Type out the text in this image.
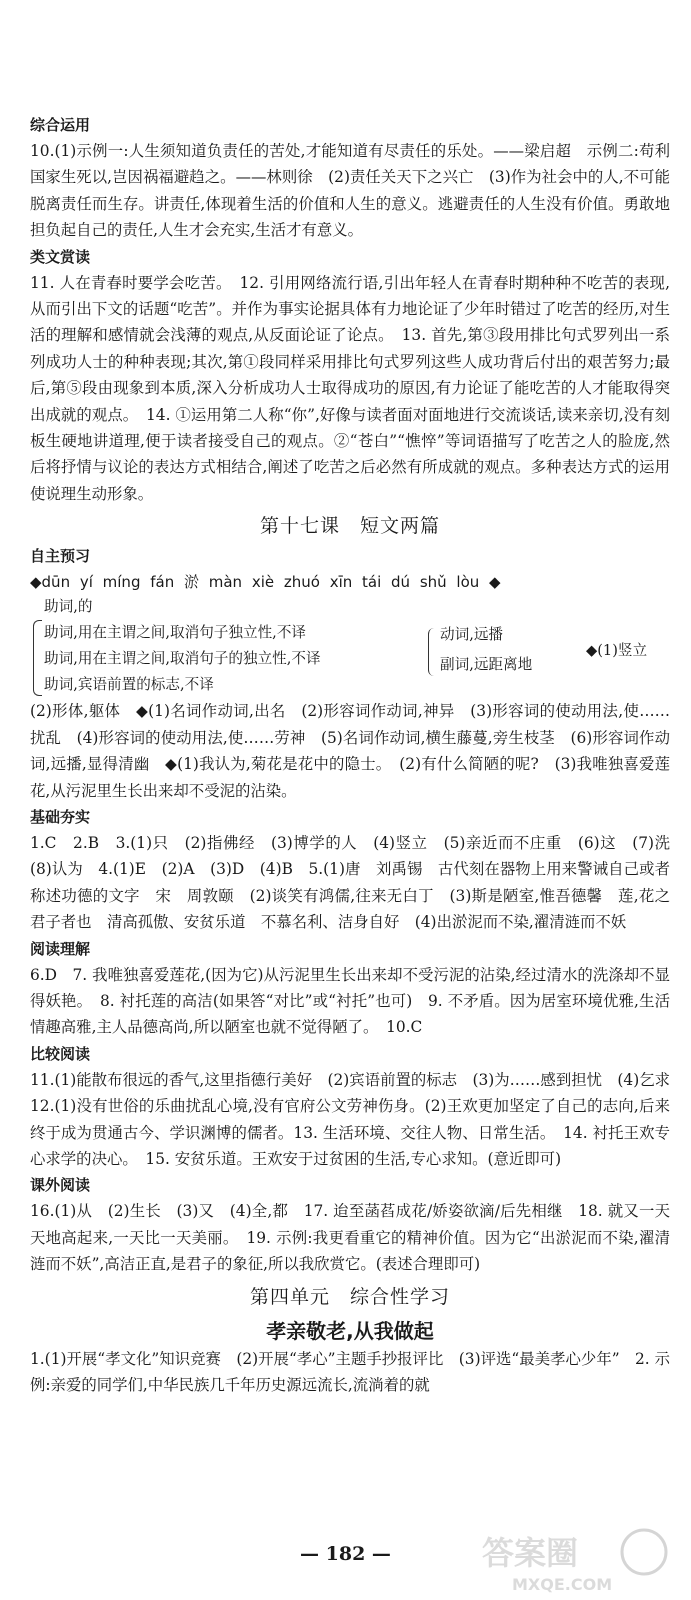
综合运用

10.(1)示例一:人生须知道负责任的苦处,才能知道有尽责任的乐处。——梁启超　示例二:苟利国家生死以,岂因祸福避趋之。——林则徐　(2)责任关天下之兴亡　(3)作为社会中的人,不可能脱离责任而生存。讲责任,体现着生活的价值和人生的意义。逃避责任的人生没有价值。勇敢地担负起自己的责任,人生才会充实,生活才有意义。

类文赏读

11. 人在青春时要学会吃苦。　12. 引用网络流行语,引出年轻人在青春时期种种不吃苦的表现,从而引出下文的话题“吃苦”。并作为事实论据具体有力地论证了少年时错过了吃苦的经历,对生活的理解和感情就会浅薄的观点,从反面论证了论点。　13. 首先,第③段用排比句式罗列出一系列成功人士的种种表现;其次,第①段同样采用排比句式罗列这些人成功背后付出的艰苦努力;最后,第⑤段由现象到本质,深入分析成功人士取得成功的原因,有力论证了能吃苦的人才能取得突出成就的观点。　14. ①运用第二人称“你”,好像与读者面对面地进行交流谈话,读来亲切,没有刻板生硬地讲道理,便于读者接受自己的观点。②“苍白”“憔悴”等词语描写了吃苦之人的脸庞,然后将抒情与议论的表达方式相结合,阐述了吃苦之后必然有所成就的观点。多种表达方式的运用使说理生动形象。

第十七课　短文两篇
自主预习
◆dūn yí míng fán 淤 màn xiè zhuó xīn tái dú shǔ lòu ◆
助词,的
助词,用在主谓之间,取消句子独立性,不译
助词,用在主谓之间,取消句子的独立性,不译
助词,宾语前置的标志,不译
动词,远播
副词,远距离地
◆(1)竖立

(2)形体,躯体　◆(1)名词作动词,出名　(2)形容词作动词,神异　(3)形容词的使动用法,使……扰乱　(4)形容词的使动用法,使……劳神　(5)名词作动词,横生藤蔓,旁生枝茎　(6)形容词作动词,远播,显得清幽　◆(1)我认为,菊花是花中的隐士。　(2)有什么简陋的呢?　(3)我唯独喜爱莲花,从污泥里生长出来却不受泥的沾染。

基础夯实

1.C　2.B　3.(1)只　(2)指佛经　(3)博学的人　(4)竖立　(5)亲近而不庄重　(6)这　(7)洗　(8)认为　4.(1)E　(2)A　(3)D　(4)B　5.(1)唐　刘禹锡　古代刻在器物上用来警诫自己或者称述功德的文字　宋　周敦颐　(2)谈笑有鸿儒,往来无白丁　(3)斯是陋室,惟吾德馨　莲,花之君子者也　清高孤傲、安贫乐道　不慕名利、洁身自好　(4)出淤泥而不染,濯清涟而不妖

阅读理解

6.D　7. 我唯独喜爱莲花,(因为它)从污泥里生长出来却不受污泥的沾染,经过清水的洗涤却不显得妖艳。　8. 衬托莲的高洁(如果答“对比”或“衬托”也可)　9. 不矛盾。因为居室环境优雅,生活情趣高雅,主人品德高尚,所以陋室也就不觉得陋了。　10.C

比较阅读

11.(1)能散布很远的香气,这里指德行美好　(2)宾语前置的标志　(3)为……感到担忧　(4)乞求　12.(1)没有世俗的乐曲扰乱心境,没有官府公文劳神伤身。(2)王欢更加坚定了自己的志向,后来终于成为贯通古今、学识渊博的儒者。13. 生活环境、交往人物、日常生活。　14. 衬托王欢专心求学的决心。　15. 安贫乐道。王欢安于过贫困的生活,专心求知。(意近即可)

课外阅读

16.(1)从　(2)生长　(3)又　(4)全,都　17. 迨至菡萏成花/娇姿欲滴/后先相继　18. 就又一天天地高起来,一天比一天美丽。　19. 示例:我更看重它的精神价值。因为它“出淤泥而不染,濯清涟而不妖”,高洁正直,是君子的象征,所以我欣赏它。(表述合理即可)

第四单元　综合性学习
孝亲敬老,从我做起

1.(1)开展“孝文化”知识竞赛　(2)开展“孝心”主题手抄报评比　(3)评选“最美孝心少年”　2. 示例:亲爱的同学们,中华民族几千年历史源远流长,流淌着的就

— 182 —	答案圈
MXQE.COM
